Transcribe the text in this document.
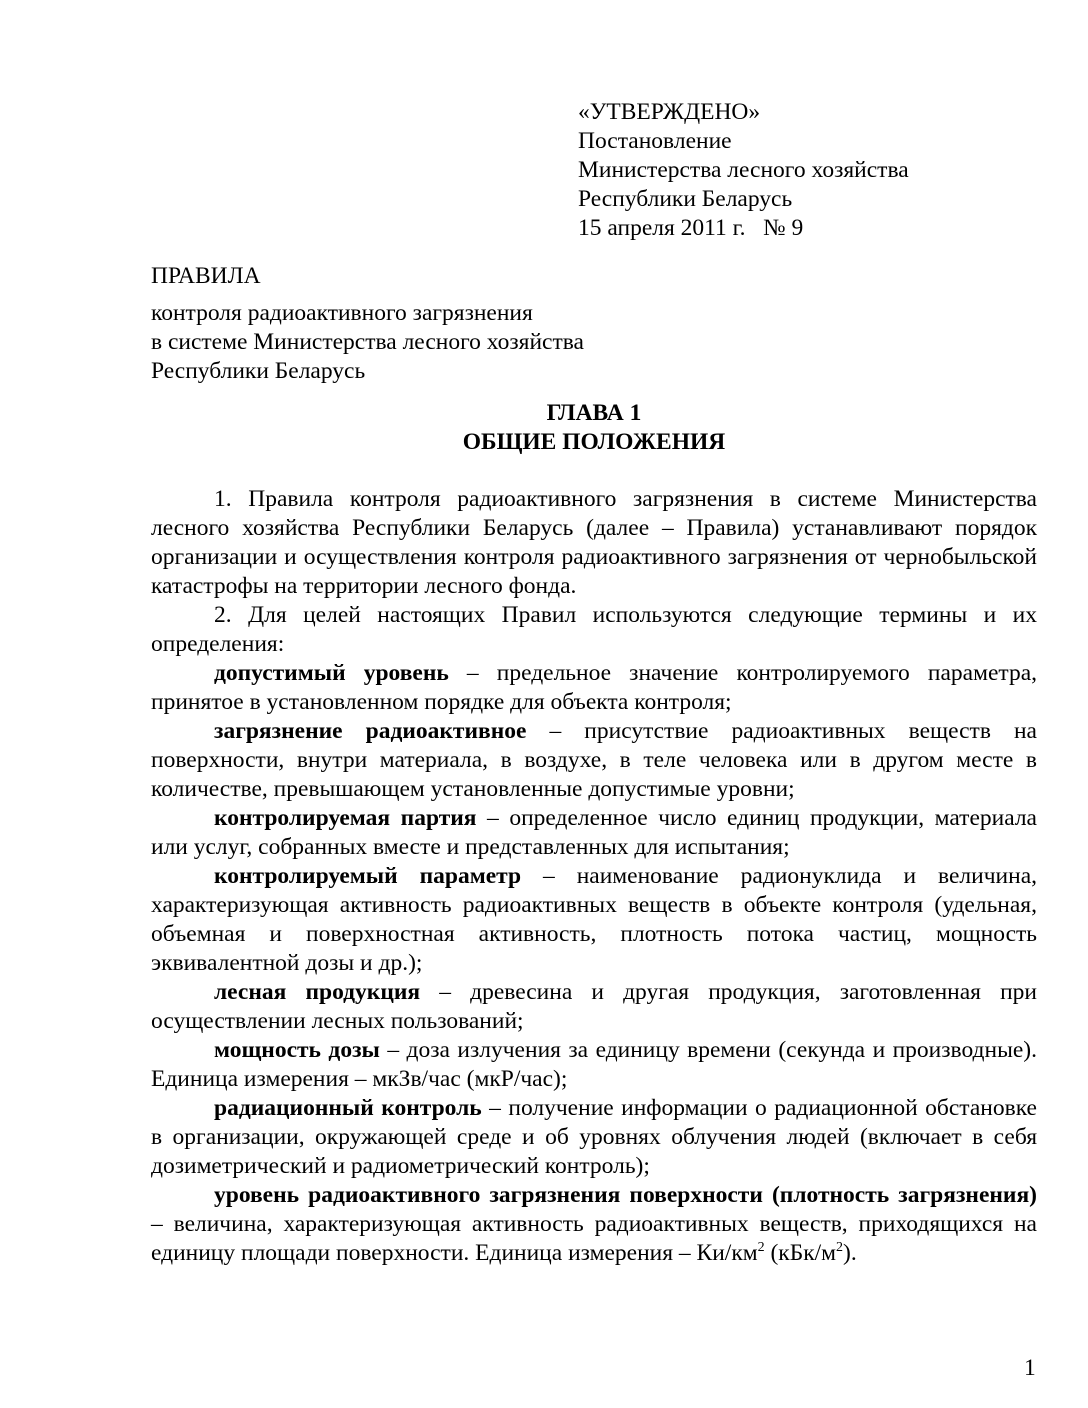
«УТВЕРЖДЕНО»
Постановление
Министерства лесного хозяйства
Республики Беларусь
15 апреля 2011 г.   № 9
ПРАВИЛА
контроля радиоактивного загрязнения
в системе Министерства лесного хозяйства
Республики Беларусь
ГЛАВА 1
ОБЩИЕ ПОЛОЖЕНИЯ

1. Правила контроля радиоактивного загрязнения в системе Министерства лесного хозяйства Республики Беларусь (далее – Правила) устанавливают порядок организации и осуществления контроля радиоактивного загрязнения от чернобыльской катастрофы на территории лесного фонда.

2. Для целей настоящих Правил используются следующие термины и их определения:

допустимый уровень – предельное значение контролируемого параметра, принятое в установленном порядке для объекта контроля;

загрязнение радиоактивное – присутствие радиоактивных веществ на поверхности, внутри материала, в воздухе, в теле человека или в другом месте в количестве, превышающем установленные допустимые уровни;

контролируемая партия – определенное число единиц продукции, материала или услуг, собранных вместе и представленных для испытания;

контролируемый параметр – наименование радионуклида и величина, характеризующая активность радиоактивных веществ в объекте контроля (удельная, объемная и поверхностная активность, плотность потока частиц, мощность эквивалентной дозы и др.);

лесная продукция – древесина и другая продукция, заготовленная при осуществлении лесных пользований;

мощность дозы – доза излучения за единицу времени (секунда и производные). Единица измерения – мкЗв/час (мкР/час);

радиационный контроль – получение информации о радиационной обстановке в организации, окружающей среде и об уровнях облучения людей (включает в себя дозиметрический и радиометрический контроль);

уровень радиоактивного загрязнения поверхности (плотность загрязнения) – величина, характеризующая активность радиоактивных веществ, приходящихся на единицу площади поверхности. Единица измерения – $Ки/км^2$ $(кБк/м^2)$.

1
